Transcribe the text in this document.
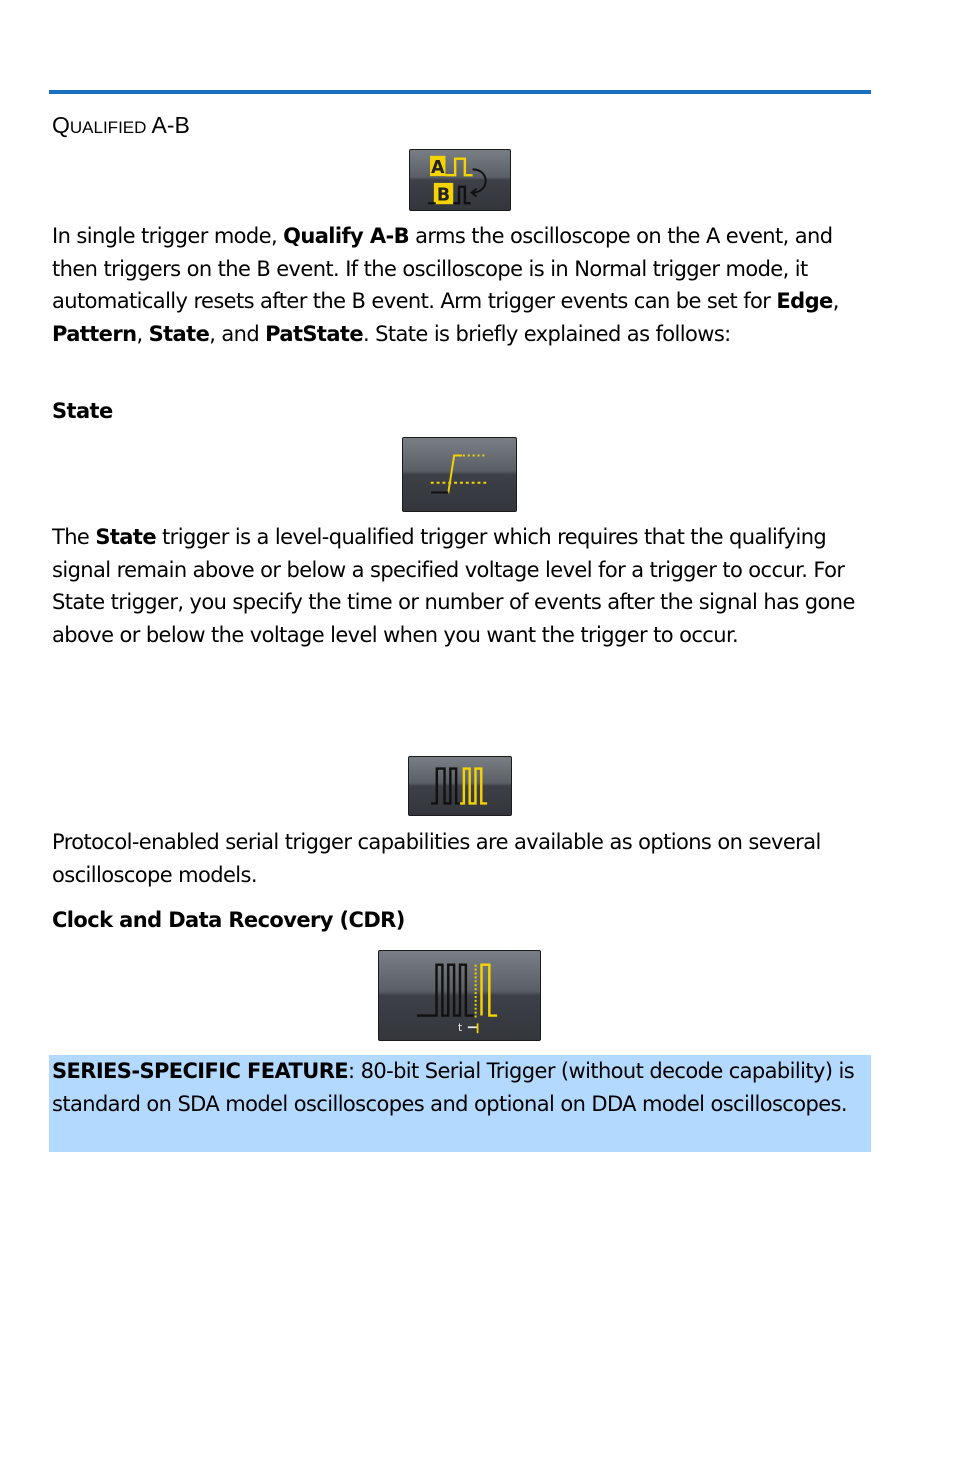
QUALIFIED A-B
A
B

In single trigger mode, Qualify A-B arms the oscilloscope on the A event, and then triggers on the B event. If the oscilloscope is in Normal trigger mode, it automatically resets after the B event. Arm trigger events can be set for Edge, Pattern, State, and PatState. State is briefly explained as follows:

State

The State trigger is a level-qualified trigger which requires that the qualifying signal remain above or below a specified voltage level for a trigger to occur. For State trigger, you specify the time or number of events after the signal has gone above or below the voltage level when you want the trigger to occur.

Protocol-enabled serial trigger capabilities are available as options on several oscilloscope models.

Clock and Data Recovery (CDR)
t

SERIES-SPECIFIC FEATURE: 80-bit Serial Trigger (without decode capability) is standard on SDA model oscilloscopes and optional on DDA model oscilloscopes.
